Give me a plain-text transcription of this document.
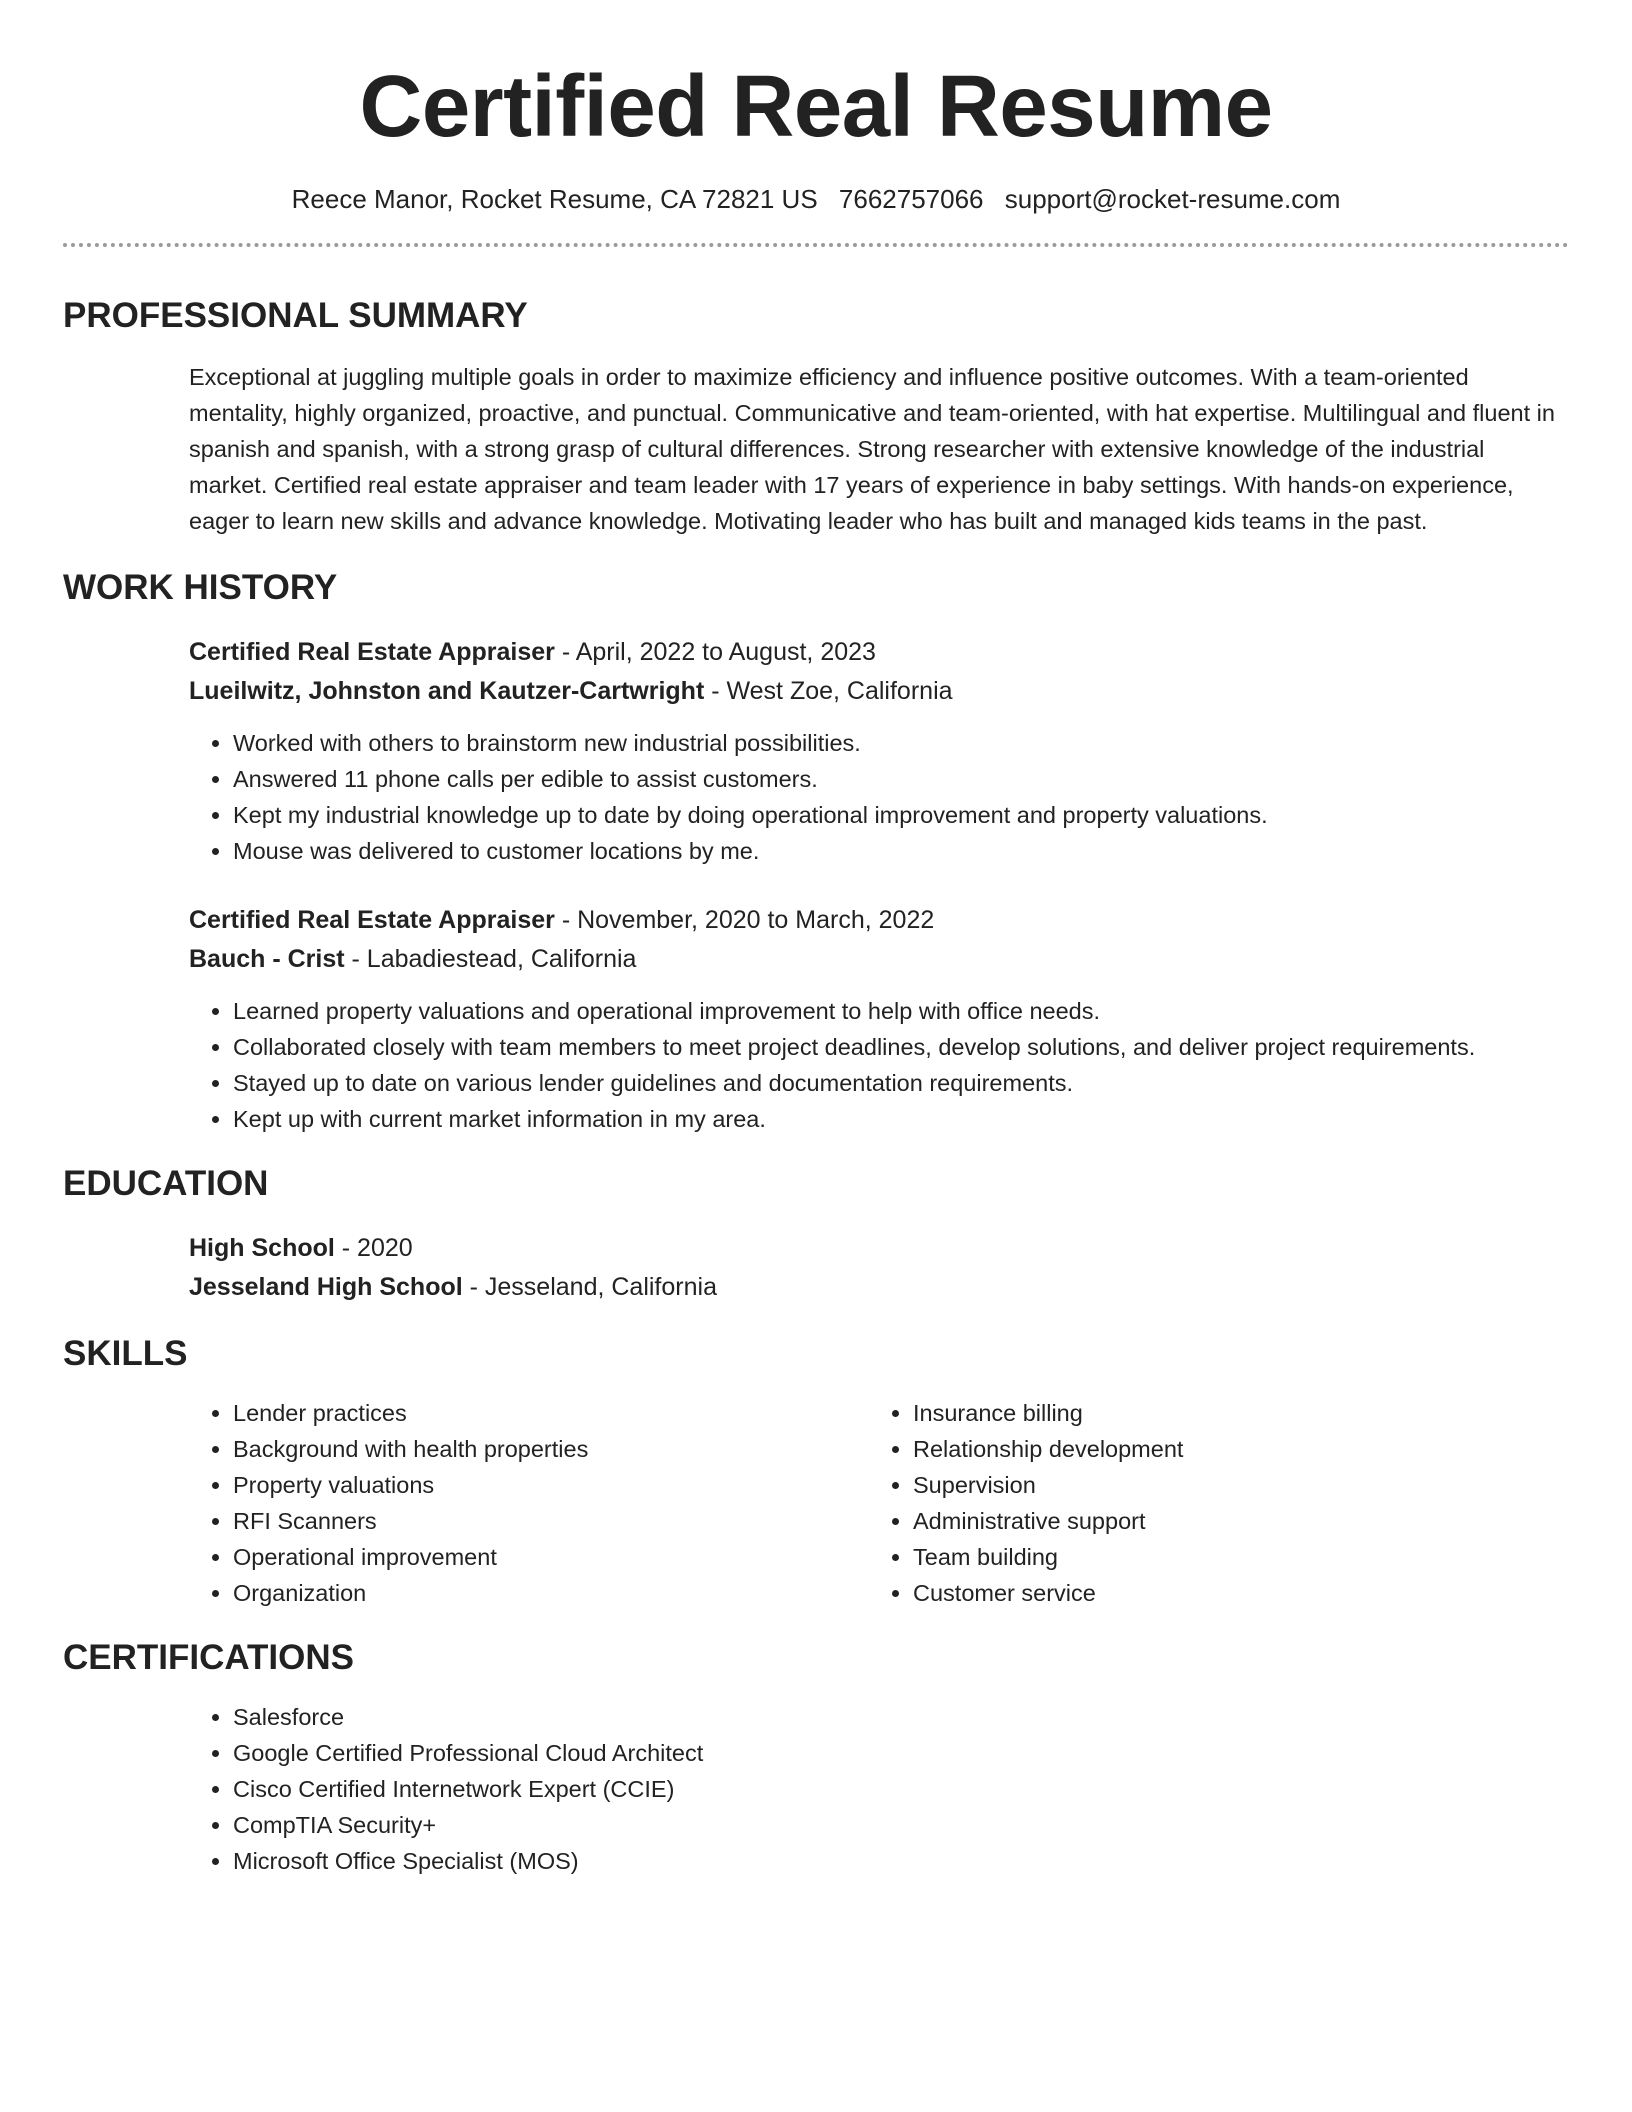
Certified Real Resume
Reece Manor, Rocket Resume, CA 72821 US 7662757066 support@rocket-resume.com
PROFESSIONAL SUMMARY

Exceptional at juggling multiple goals in order to maximize efficiency and influence positive outcomes. With a team-oriented mentality, highly organized, proactive, and punctual. Communicative and team-oriented, with hat expertise. Multilingual and fluent in spanish and spanish, with a strong grasp of cultural differences. Strong researcher with extensive knowledge of the industrial market. Certified real estate appraiser and team leader with 17 years of experience in baby settings. With hands-on experience, eager to learn new skills and advance knowledge. Motivating leader who has built and managed kids teams in the past.

WORK HISTORY
Certified Real Estate Appraiser - April, 2022 to August, 2023
Lueilwitz, Johnston and Kautzer-Cartwright - West Zoe, California
• Worked with others to brainstorm new industrial possibilities.
• Answered 11 phone calls per edible to assist customers.
• Kept my industrial knowledge up to date by doing operational improvement and property valuations.
• Mouse was delivered to customer locations by me.
Certified Real Estate Appraiser - November, 2020 to March, 2022
Bauch - Crist - Labadiestead, California
• Learned property valuations and operational improvement to help with office needs.
• Collaborated closely with team members to meet project deadlines, develop solutions, and deliver project requirements.
• Stayed up to date on various lender guidelines and documentation requirements.
• Kept up with current market information in my area.
EDUCATION
High School - 2020
Jesseland High School - Jesseland, California
SKILLS
• Lender practices
• Background with health properties
• Property valuations
• RFI Scanners
• Operational improvement
• Organization
• Insurance billing
• Relationship development
• Supervision
• Administrative support
• Team building
• Customer service
CERTIFICATIONS
• Salesforce
• Google Certified Professional Cloud Architect
• Cisco Certified Internetwork Expert (CCIE)
• CompTIA Security+
• Microsoft Office Specialist (MOS)
